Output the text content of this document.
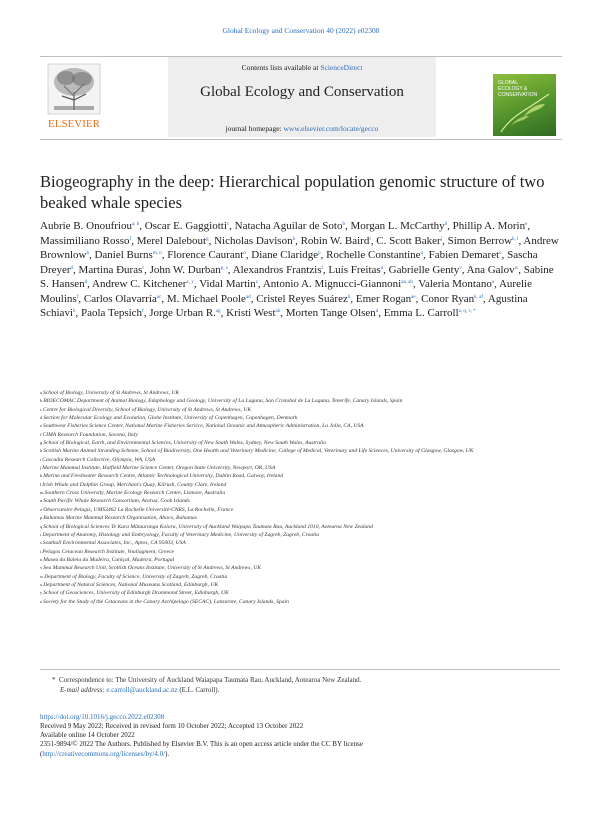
Global Ecology and Conservation 40 (2022) e02308
ELSEVIER
Contents lists available at ScienceDirect
Global Ecology and Conservation
journal homepage: www.elsevier.com/locate/gecco
GLOBAL ECOLOGY & CONSERVATION
Biogeography in the deep: Hierarchical population genomic structure of two beaked whale species
Aubrie B. Onoufriou$^{a, b}$, Oscar E. Gaggiotti$^c$, Natacha Aguilar de Soto$^b$, Morgan L. McCarthy$^d$, Phillip A. Morin$^e$, Massimiliano Rosso$^f$, Merel Dalebout$^g$, Nicholas Davison$^h$, Robin W. Baird$^i$, C. Scott Baker$^j$, Simon Berrow$^{k, l}$, Andrew Brownlow$^h$, Daniel Burns$^{m, n}$, Florence Caurant$^o$, Diane Claridge$^p$, Rochelle Constantine$^q$, Fabien Demaret$^o$, Sascha Dreyer$^d$, Martina Đuras$^r$, John W. Durban$^{p, s}$, Alexandros Frantzis$^t$, Luís Freitas$^u$, Gabrielle Genty$^v$, Ana Galov$^w$, Sabine S. Hansen$^d$, Andrew C. Kitchener$^{x, y}$, Vidal Martin$^z$, Antonio A. Mignucci-Giannoni$^{aa, ab}$, Valeria Montano$^a$, Aurelie Moulins$^f$, Carlos Olavarría$^{ac}$, M. Michael Poole$^{ad}$, Cristel Reyes Suárez$^b$, Emer Rogan$^{ae}$, Conor Ryan$^{k, af}$, Agustina Schiavi$^b$, Paola Tepsich$^f$, Jorge Urban R.$^{ag}$, Kristi West$^{ah}$, Morten Tange Olsen$^d$, Emma L. Carroll$^{a, q, v, *}$
$^a$School of Biology, University of St Andrews, St Andrews, UK
$^b$BIOECOMAC Department of Animal Biology, Edaphology and Geology, University of La Laguna, San Cristobal de La Laguna, Tenerife, Canary Islands, Spain
$^c$Centre for Biological Diversity, School of Biology, University of St Andrews, St Andrews, UK
$^d$Section for Molecular Ecology and Evolution, Globe Institute, University of Copenhagen, Copenhagen, Denmark
$^e$Southwest Fisheries Science Center, National Marine Fisheries Service, National Oceanic and Atmospheric Administration, La Jolla, CA, USA
$^f$CIMA Research Foundation, Savona, Italy
$^g$School of Biological, Earth, and Environmental Sciences, University of New South Wales, Sydney, New South Wales, Australia
$^h$Scottish Marine Animal Stranding Scheme, School of Biodiversity, One Health and Veterinary Medicine, College of Medical, Veterinary and Life Sciences, University of Glasgow, Glasgow, UK
$^i$Cascadia Research Collective, Olympia, WA, USA
$^j$Marine Mammal Institute, Hatfield Marine Science Center, Oregon State University, Newport, OR, USA
$^k$Marine and Freshwater Research Centre, Atlantic Technological University, Dublin Road, Galway, Ireland
$^l$Irish Whale and Dolphin Group, Merchant's Quay, Kilrush, County Clare, Ireland
$^m$Southern Cross University, Marine Ecology Research Centre, Lismore, Australia
$^n$South Pacific Whale Research Consortium, Avarua, Cook Islands
$^o$Observatoire Pelagis, UMS3462 La Rochelle Université-CNRS, La Rochelle, France
$^p$Bahamas Marine Mammal Research Organisation, Abaco, Bahamas
$^q$School of Biological Sciences Te Kura Mātauranga Koiora, University of Auckland Waipapa Taumata Rau, Auckland 1010, Aotearoa New Zealand
$^r$Department of Anatomy, Histology and Embryology, Faculty of Veterinary Medicine, University of Zagreb, Zagreb, Croatia
$^s$Southall Environmental Associates, Inc., Aptos, CA 95003, USA
$^t$Pelagos Cetacean Research Institute, Vouliagmeni, Greece
$^u$Museu da Baleia da Madeira, Caniçal, Madeira, Portugal
$^v$Sea Mammal Research Unit, Scottish Oceans Institute, University of St Andrews, St Andrews, UK
$^w$Department of Biology, Faculty of Science, University of Zagreb, Zagreb, Croatia
$^x$Department of Natural Sciences, National Museums Scotland, Edinburgh, UK
$^y$School of Geosciences, University of Edinburgh Drummond Street, Edinburgh, UK
$^z$Society for the Study of the Cetaceans in the Canary Archipelago (SECAC), Lanzarote, Canary Islands, Spain
* Correspondence to: The University of Auckland Waiapapa Taumata Rau, Auckland, Aotearoa New Zealand.
E-mail address: e.carroll@auckland.ac.nz (E.L. Carroll).
https://doi.org/10.1016/j.gecco.2022.e02308
Received 9 May 2022; Received in revised form 10 October 2022; Accepted 13 October 2022
Available online 14 October 2022
2351-9894/© 2022 The Authors. Published by Elsevier B.V. This is an open access article under the CC BY license
(http://creativecommons.org/licenses/by/4.0/).
